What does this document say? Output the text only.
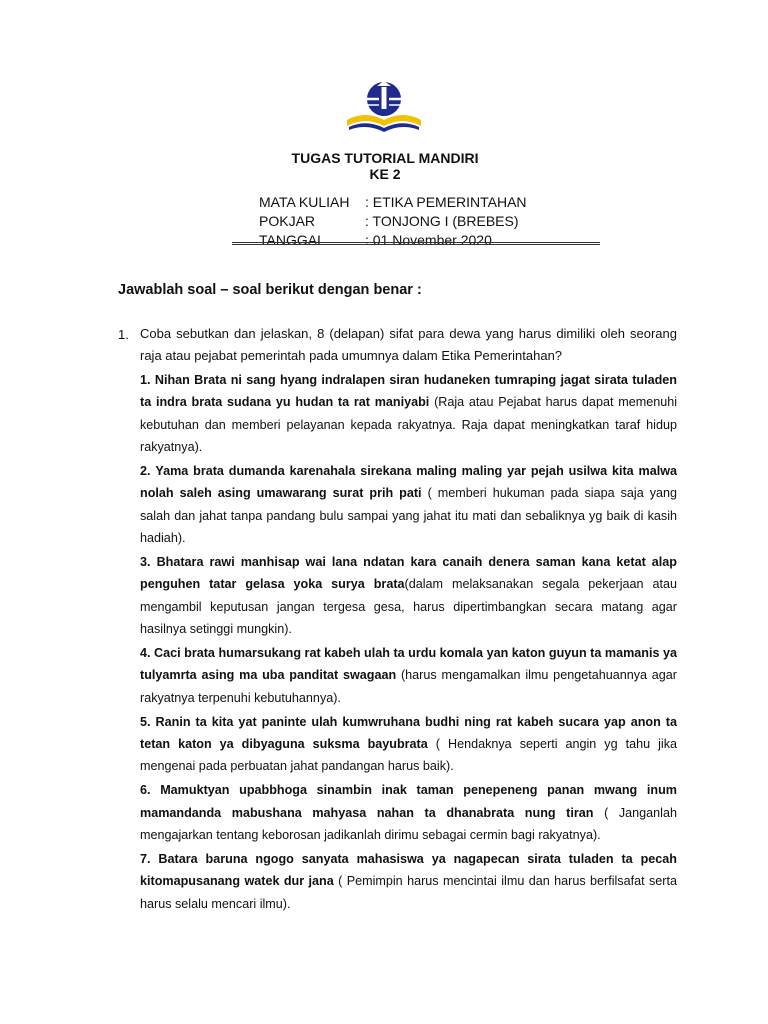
TUGAS TUTORIAL MANDIRI
KE 2
MATA KULIAH : ETIKA PEMERINTAHAN
POKJAR	: TONJONG I (BREBES)
TANGGAL	: 01 November 2020
Jawablah soal – soal berikut dengan benar :
1. Coba sebutkan dan jelaskan, 8 (delapan) sifat para dewa yang harus dimiliki oleh seorang raja atau pejabat pemerintah pada umumnya dalam Etika Pemerintahan?

1. Nihan Brata ni sang hyang indralapen siran hudaneken tumraping jagat sirata tuladen ta indra brata sudana yu hudan ta rat maniyabi (Raja atau Pejabat harus dapat memenuhi kebutuhan dan memberi pelayanan kepada rakyatnya. Raja dapat meningkatkan taraf hidup rakyatnya).

2. Yama brata dumanda karenahala sirekana maling maling yar pejah usilwa kita malwa nolah saleh asing umawarang surat prih pati ( memberi hukuman pada siapa saja yang salah dan jahat tanpa pandang bulu sampai yang jahat itu mati dan sebaliknya yg baik di kasih hadiah).

3. Bhatara rawi manhisap wai lana ndatan kara canaih denera saman kana ketat alap penguhen tatar gelasa yoka surya brata(dalam melaksanakan segala pekerjaan atau mengambil keputusan jangan tergesa gesa, harus dipertimbangkan secara matang agar hasilnya setinggi mungkin).

4. Caci brata humarsukang rat kabeh ulah ta urdu komala yan katon guyun ta mamanis ya tulyamrta asing ma uba panditat swagaan (harus mengamalkan ilmu pengetahuannya agar rakyatnya terpenuhi kebutuhannya).

5. Ranin ta kita yat paninte ulah kumwruhana budhi ning rat kabeh sucara yap anon ta tetan katon ya dibyaguna suksma bayubrata ( Hendaknya seperti angin yg tahu jika mengenai pada perbuatan jahat pandangan harus baik).

6. Mamuktyan upabbhoga sinambin inak taman penepeneng panan mwang inum mamandanda mabushana mahyasa nahan ta dhanabrata nung tiran ( Janganlah mengajarkan tentang keborosan jadikanlah dirimu sebagai cermin bagi rakyatnya).

7. Batara baruna ngogo sanyata mahasiswa ya nagapecan sirata tuladen ta pecah kitomapusanang watek dur jana ( Pemimpin harus mencintai ilmu dan harus berfilsafat serta harus selalu mencari ilmu).
